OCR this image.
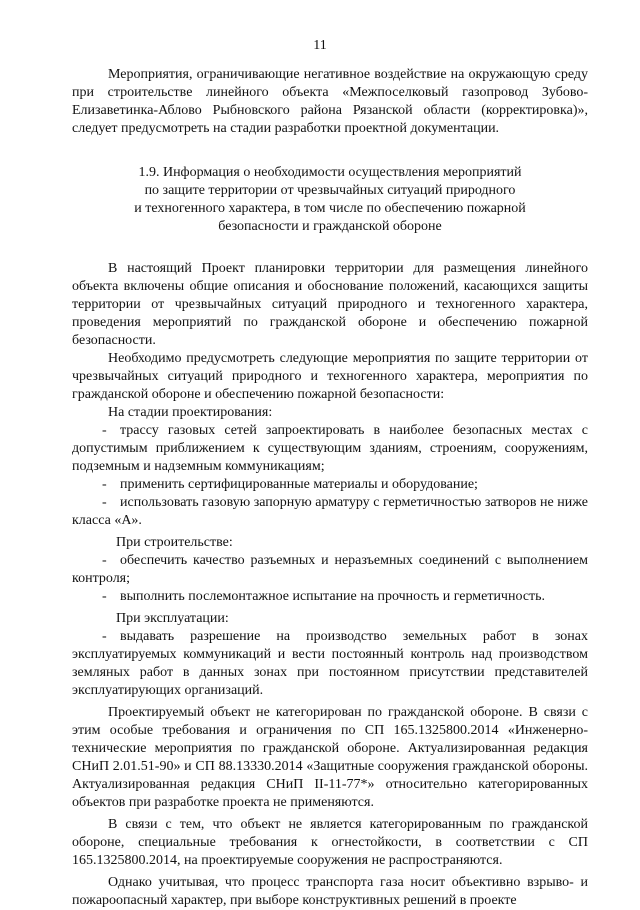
11

Мероприятия, ограничивающие негативное воздействие на окружающую среду при строительстве линейного объекта «Межпоселковый газопровод Зубово-Елизаветинка-Аблово Рыбновского района Рязанской области (корректировка)», следует предусмотреть на стадии разработки проектной документации.

1.9. Информация о необходимости осуществления мероприятий
по защите территории от чрезвычайных ситуаций природного
и техногенного характера, в том числе по обеспечению пожарной
безопасности и гражданской обороне

В настоящий Проект планировки территории для размещения линейного объекта включены общие описания и обоснование положений, касающихся защиты территории от чрезвычайных ситуаций природного и техногенного характера, проведения мероприятий по гражданской обороне и обеспечению пожарной безопасности.

Необходимо предусмотреть следующие мероприятия по защите территории от чрезвычайных ситуаций природного и техногенного характера, мероприятия по гражданской обороне и обеспечению пожарной безопасности:

На стадии проектирования:

- трассу газовых сетей запроектировать в наиболее безопасных местах с допустимым приближением к существующим зданиям, строениям, сооружениям, подземным и надземным коммуникациям;

- применить сертифицированные материалы и оборудование;

- использовать газовую запорную арматуру с герметичностью затворов не ниже класса «А».

При строительстве:

- обеспечить качество разъемных и неразъемных соединений с выполнением контроля;

- выполнить послемонтажное испытание на прочность и герметичность.

При эксплуатации:

- выдавать разрешение на производство земельных работ в зонах эксплуатируемых коммуникаций и вести постоянный контроль над производством земляных работ в данных зонах при постоянном присутствии представителей эксплуатирующих организаций.

Проектируемый объект не категорирован по гражданской обороне. В связи с этим особые требования и ограничения по СП 165.1325800.2014 «Инженерно-технические мероприятия по гражданской обороне. Актуализированная редакция СНиП 2.01.51-90» и СП 88.13330.2014 «Защитные сооружения гражданской обороны. Актуализированная редакция СНиП II-11-77*» относительно категорированных объектов при разработке проекта не применяются.

В связи с тем, что объект не является категорированным по гражданской обороне, специальные требования к огнестойкости, в соответствии с СП 165.1325800.2014, на проектируемые сооружения не распространяются.

Однако учитывая, что процесс транспорта газа носит объективно взрыво- и пожароопасный характер, при выборе конструктивных решений в проекте
